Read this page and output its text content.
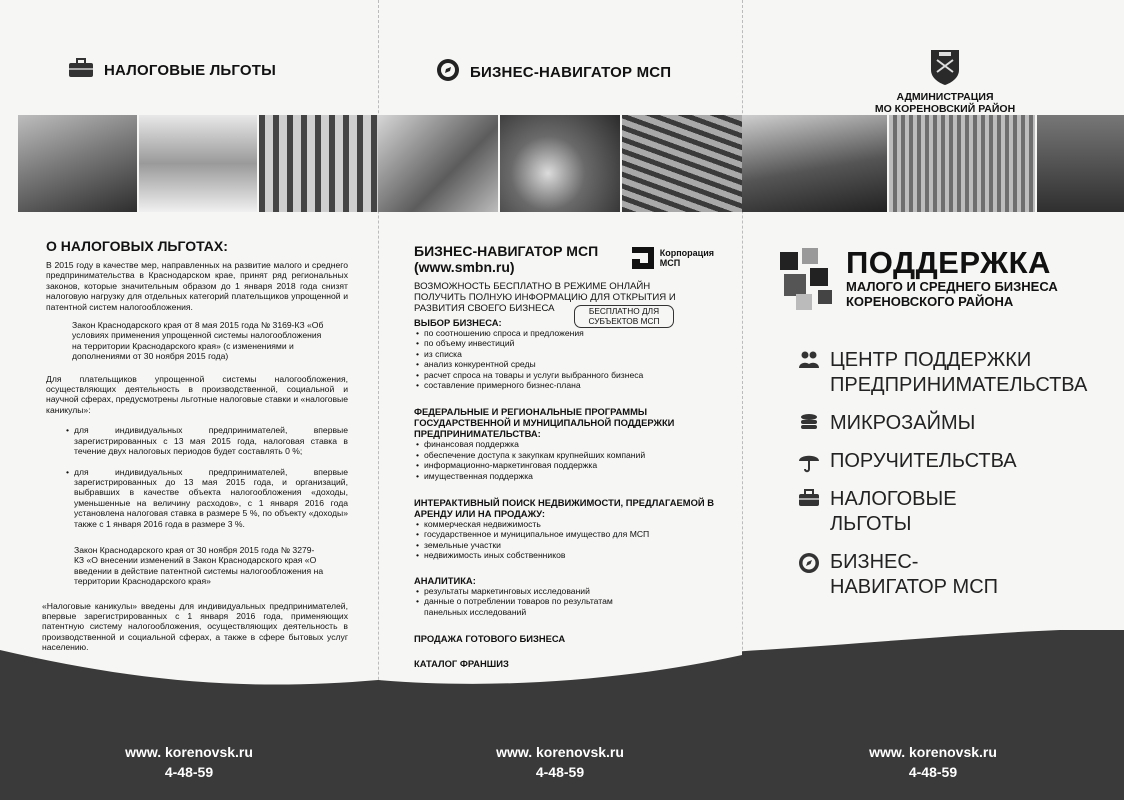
НАЛОГОВЫЕ ЛЬГОТЫ
О НАЛОГОВЫХ ЛЬГОТАХ:
В 2015 году в качестве мер, направленных на развитие малого и среднего предпринимательства в Краснодарском крае, принят ряд региональных законов, которые значительным образом до 1 января 2018 года снизят налоговую нагрузку для отдельных категорий плательщиков упрощенной и патентной систем налогообложения.
Закон Краснодарского края от 8 мая 2015 года № 3169-КЗ «Об условиях применения упрощенной системы налогообложения на территории Краснодарского края» (с изменениями и дополнениями от 30 ноября 2015 года)
Для плательщиков упрощенной системы налогообложения, осуществляющих деятельность в производственной, социальной и научной сферах, предусмотрены льготные налоговые ставки и «налоговые каникулы»:
• для индивидуальных предпринимателей, впервые зарегистрированных с 13 мая 2015 года, налоговая ставка в течение двух налоговых периодов будет составлять 0 %;
• для индивидуальных предпринимателей, впервые зарегистрированных до 13 мая 2015 года, и организаций, выбравших в качестве объекта налогообложения «доходы, уменьшенные на величину расходов», с 1 января 2016 года установлена налоговая ставка в размере 5 %, по объекту «доходы» также с 1 января 2016 года в размере 3 %.
Закон Краснодарского края от 30 ноября 2015 года № 3279-КЗ «О внесении изменений в Закон Краснодарского края «О введении в действие патентной системы налогообложения на территории Краснодарского края»
«Налоговые каникулы» введены для индивидуальных предпринимателей, впервые зарегистрированных с 1 января 2016 года, применяющих патентную систему налогообложения, осуществляющих деятельность в производственной и социальной сферах, а также в сфере бытовых услуг населению.
www. korenovsk.ru
4-48-59
БИЗНЕС-НАВИГАТОР МСП
БИЗНЕС-НАВИГАТОР МСП
(www.smbn.ru)
Корпорация
МСП
ВОЗМОЖНОСТЬ БЕСПЛАТНО В РЕЖИМЕ ОНЛАЙН ПОЛУЧИТЬ ПОЛНУЮ ИНФОРМАЦИЮ ДЛЯ ОТКРЫТИЯ И РАЗВИТИЯ СВОЕГО БИЗНЕСА	БЕСПЛАТНО ДЛЯ СУБЪЕКТОВ МСП
ВЫБОР БИЗНЕСА:
• по соотношению спроса и предложения
• по объему инвестиций
• из списка
• анализ конкурентной среды
• расчет спроса на товары и услуги выбранного бизнеса
• составление примерного бизнес-плана
ФЕДЕРАЛЬНЫЕ И РЕГИОНАЛЬНЫЕ ПРОГРАММЫ ГОСУДАРСТВЕННОЙ И МУНИЦИПАЛЬНОЙ ПОДДЕРЖКИ ПРЕДПРИНИМАТЕЛЬСТВА:
• финансовая поддержка
• обеспечение доступа к закупкам крупнейших компаний
• информационно-маркетинговая поддержка
• имущественная поддержка
ИНТЕРАКТИВНЫЙ ПОИСК НЕДВИЖИМОСТИ, ПРЕДЛАГАЕМОЙ В АРЕНДУ ИЛИ НА ПРОДАЖУ:
• коммерческая недвижимость
• государственное и муниципальное имущество для МСП
• земельные участки
• недвижимость иных собственников
АНАЛИТИКА:
• результаты маркетинговых исследований
• данные о потреблении товаров по результатам панельных исследований
ПРОДАЖА ГОТОВОГО БИЗНЕСА
КАТАЛОГ ФРАНШИЗ
www. korenovsk.ru
4-48-59
АДМИНИСТРАЦИЯ
МО КОРЕНОВСКИЙ РАЙОН
ПОДДЕРЖКА
МАЛОГО И СРЕДНЕГО БИЗНЕСА
КОРЕНОВСКОГО РАЙОНА
ЦЕНТР ПОДДЕРЖКИ
ПРЕДПРИНИМАТЕЛЬСТВА
МИКРОЗАЙМЫ
ПОРУЧИТЕЛЬСТВА
НАЛОГОВЫЕ
ЛЬГОТЫ
БИЗНЕС-
НАВИГАТОР МСП
www. korenovsk.ru
4-48-59
